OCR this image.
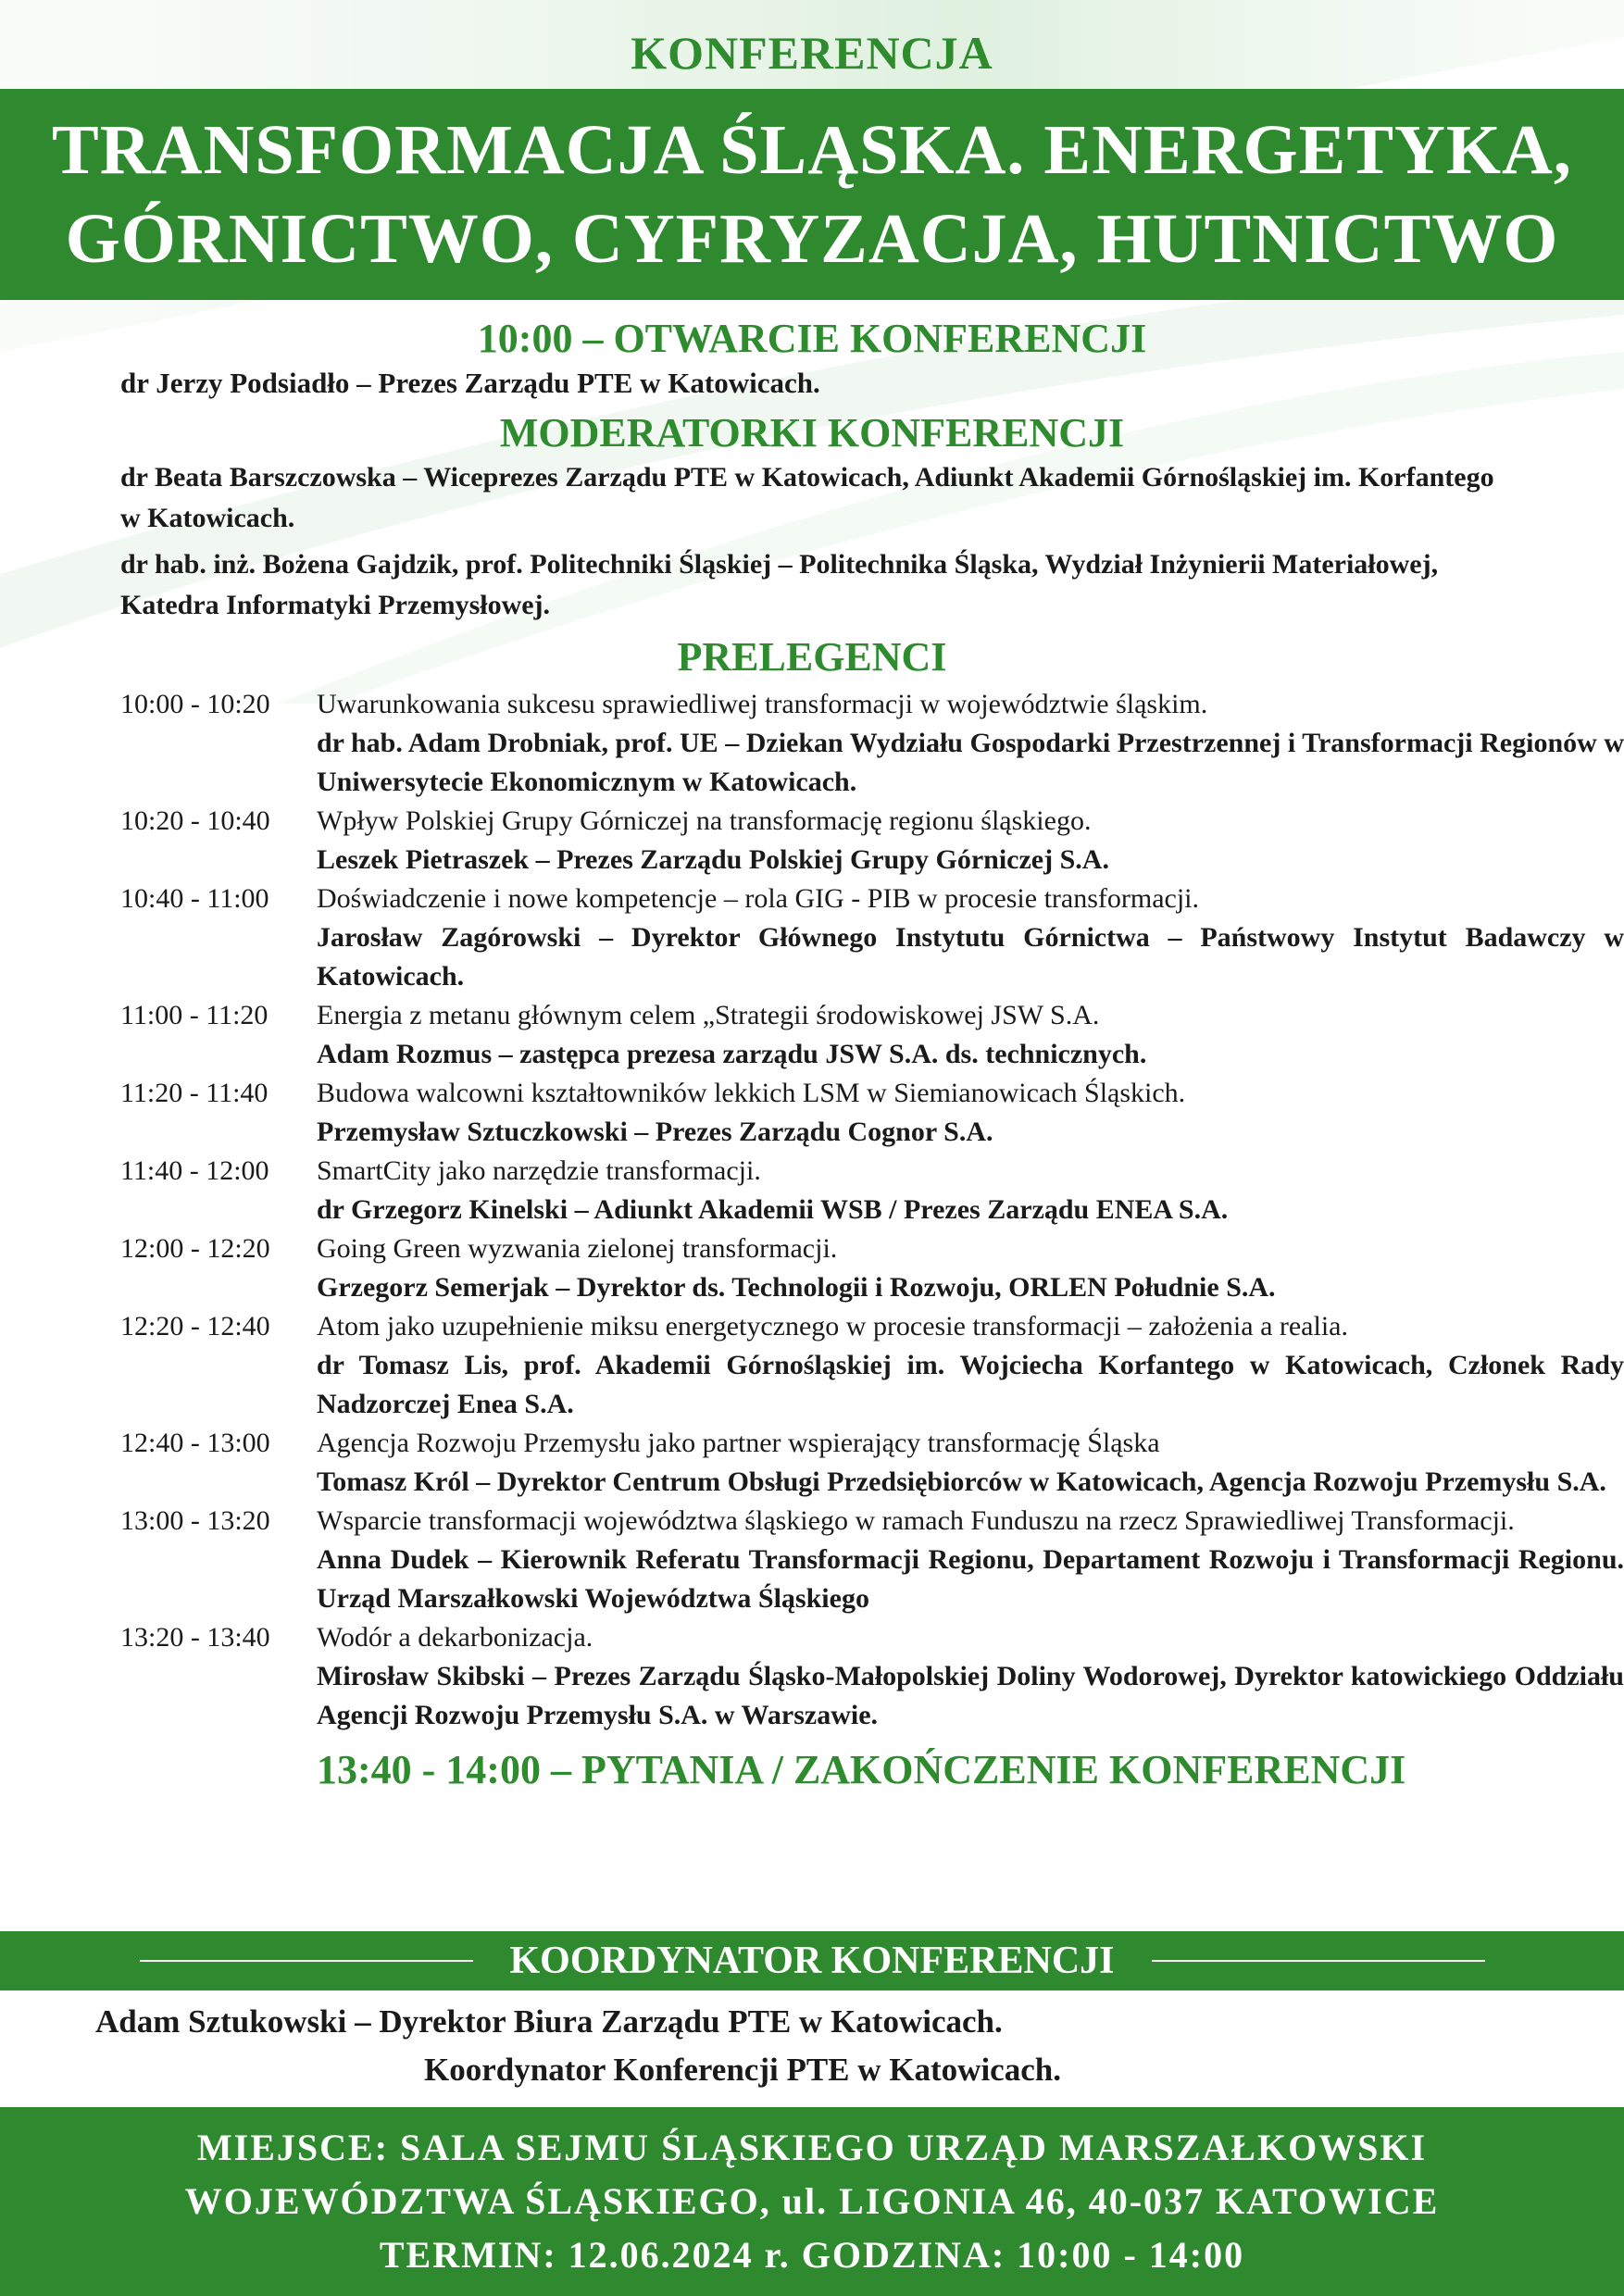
KONFERENCJA
TRANSFORMACJA ŚLĄSKA. ENERGETYKA,
GÓRNICTWO, CYFRYZACJA, HUTNICTWO
10:00 – OTWARCIE KONFERENCJI
dr Jerzy Podsiadło – Prezes Zarządu PTE w Katowicach.
MODERATORKI KONFERENCJI
dr Beata Barszczowska – Wiceprezes Zarządu PTE w Katowicach, Adiunkt Akademii Górnośląskiej im. Korfantego w Katowicach.
dr hab. inż. Bożena Gajdzik, prof. Politechniki Śląskiej – Politechnika Śląska, Wydział Inżynierii Materiałowej, Katedra Informatyki Przemysłowej.
PRELEGENCI
10:00 - 10:20	Uwarunkowania sukcesu sprawiedliwej transformacji w województwie śląskim.
dr hab. Adam Drobniak, prof. UE – Dziekan Wydziału Gospodarki Przestrzennej i Transformacji Regionów w Uniwersytecie Ekonomicznym w Katowicach.
10:20 - 10:40	Wpływ Polskiej Grupy Górniczej na transformację regionu śląskiego.
Leszek Pietraszek – Prezes Zarządu Polskiej Grupy Górniczej S.A.
10:40 - 11:00	Doświadczenie i nowe kompetencje – rola GIG - PIB w procesie transformacji.
Jarosław Zagórowski – Dyrektor Głównego Instytutu Górnictwa – Państwowy Instytut Badawczy w Katowicach.
11:00 - 11:20	Energia z metanu głównym celem „Strategii środowiskowej JSW S.A.
Adam Rozmus – zastępca prezesa zarządu JSW S.A. ds. technicznych.
11:20 - 11:40	Budowa walcowni kształtowników lekkich LSM w Siemianowicach Śląskich.
Przemysław Sztuczkowski – Prezes Zarządu Cognor S.A.
11:40 - 12:00	SmartCity jako narzędzie transformacji.
dr Grzegorz Kinelski – Adiunkt Akademii WSB / Prezes Zarządu ENEA S.A.
12:00 - 12:20	Going Green wyzwania zielonej transformacji.
Grzegorz Semerjak – Dyrektor ds. Technologii i Rozwoju, ORLEN Południe S.A.
12:20 - 12:40	Atom jako uzupełnienie miksu energetycznego w procesie transformacji – założenia a realia.
dr Tomasz Lis, prof. Akademii Górnośląskiej im. Wojciecha Korfantego w Katowicach, Członek Rady Nadzorczej Enea S.A.
12:40 - 13:00	Agencja Rozwoju Przemysłu jako partner wspierający transformację Śląska
Tomasz Król – Dyrektor Centrum Obsługi Przedsiębiorców w Katowicach, Agencja Rozwoju Przemysłu S.A.
13:00 - 13:20	Wsparcie transformacji województwa śląskiego w ramach Funduszu na rzecz Sprawiedliwej Transformacji.
Anna Dudek – Kierownik Referatu Transformacji Regionu, Departament Rozwoju i Transformacji Regionu. Urząd Marszałkowski Województwa Śląskiego
13:20 - 13:40	Wodór a dekarbonizacja.
Mirosław Skibski – Prezes Zarządu Śląsko-Małopolskiej Doliny Wodorowej, Dyrektor katowickiego Oddziału Agencji Rozwoju Przemysłu S.A. w Warszawie.
13:40 - 14:00 – PYTANIA / ZAKOŃCZENIE KONFERENCJI
KOORDYNATOR KONFERENCJI
Adam Sztukowski – Dyrektor Biura Zarządu PTE w Katowicach.
Koordynator Konferencji PTE w Katowicach.
MIEJSCE: SALA SEJMU ŚLĄSKIEGO URZĄD MARSZAŁKOWSKI
WOJEWÓDZTWA ŚLĄSKIEGO, ul. LIGONIA 46, 40-037 KATOWICE
TERMIN: 12.06.2024 r. GODZINA: 10:00 - 14:00
